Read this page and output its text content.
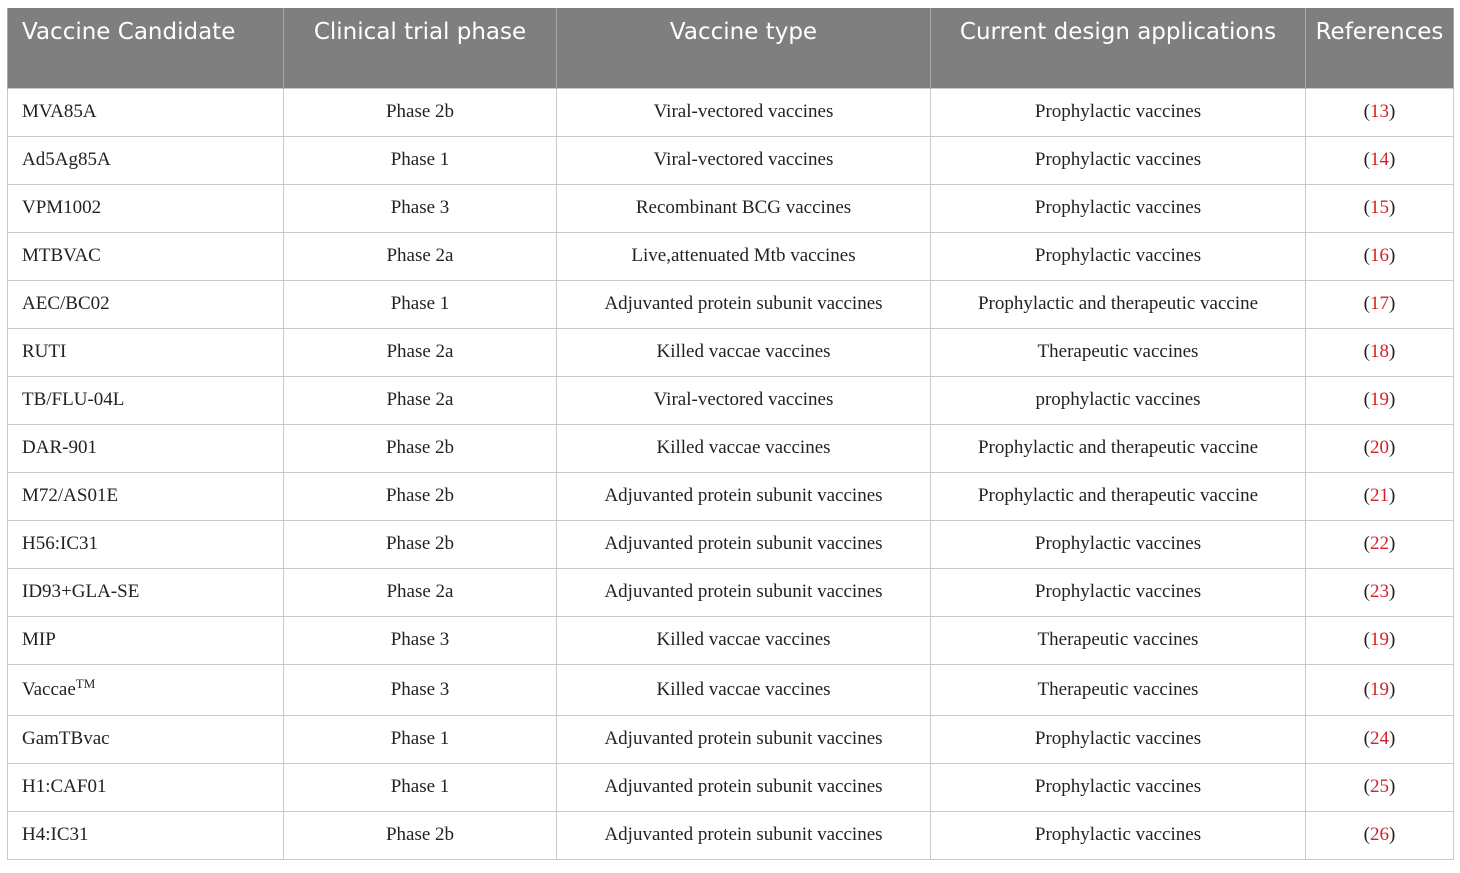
Vaccine Candidate	Clinical trial phase	Vaccine type	Current design applications	References
MVA85A	Phase 2b	Viral-vectored vaccines	Prophylactic vaccines	(13)
Ad5Ag85A	Phase 1	Viral-vectored vaccines	Prophylactic vaccines	(14)
VPM1002	Phase 3	Recombinant BCG vaccines	Prophylactic vaccines	(15)
MTBVAC	Phase 2a	Live,attenuated Mtb vaccines	Prophylactic vaccines	(16)
AEC/BC02	Phase 1	Adjuvanted protein subunit vaccines	Prophylactic and therapeutic vaccine	(17)
RUTI	Phase 2a	Killed vaccae vaccines	Therapeutic vaccines	(18)
TB/FLU-04L	Phase 2a	Viral-vectored vaccines	prophylactic vaccines	(19)
DAR-901	Phase 2b	Killed vaccae vaccines	Prophylactic and therapeutic vaccine	(20)
M72/AS01E	Phase 2b	Adjuvanted protein subunit vaccines	Prophylactic and therapeutic vaccine	(21)
H56:IC31	Phase 2b	Adjuvanted protein subunit vaccines	Prophylactic vaccines	(22)
ID93+GLA-SE	Phase 2a	Adjuvanted protein subunit vaccines	Prophylactic vaccines	(23)
MIP	Phase 3	Killed vaccae vaccines	Therapeutic vaccines	(19)
Vaccae™	Phase 3	Killed vaccae vaccines	Therapeutic vaccines	(19)
GamTBvac	Phase 1	Adjuvanted protein subunit vaccines	Prophylactic vaccines	(24)
H1:CAF01	Phase 1	Adjuvanted protein subunit vaccines	Prophylactic vaccines	(25)
H4:IC31	Phase 2b	Adjuvanted protein subunit vaccines	Prophylactic vaccines	(26)
